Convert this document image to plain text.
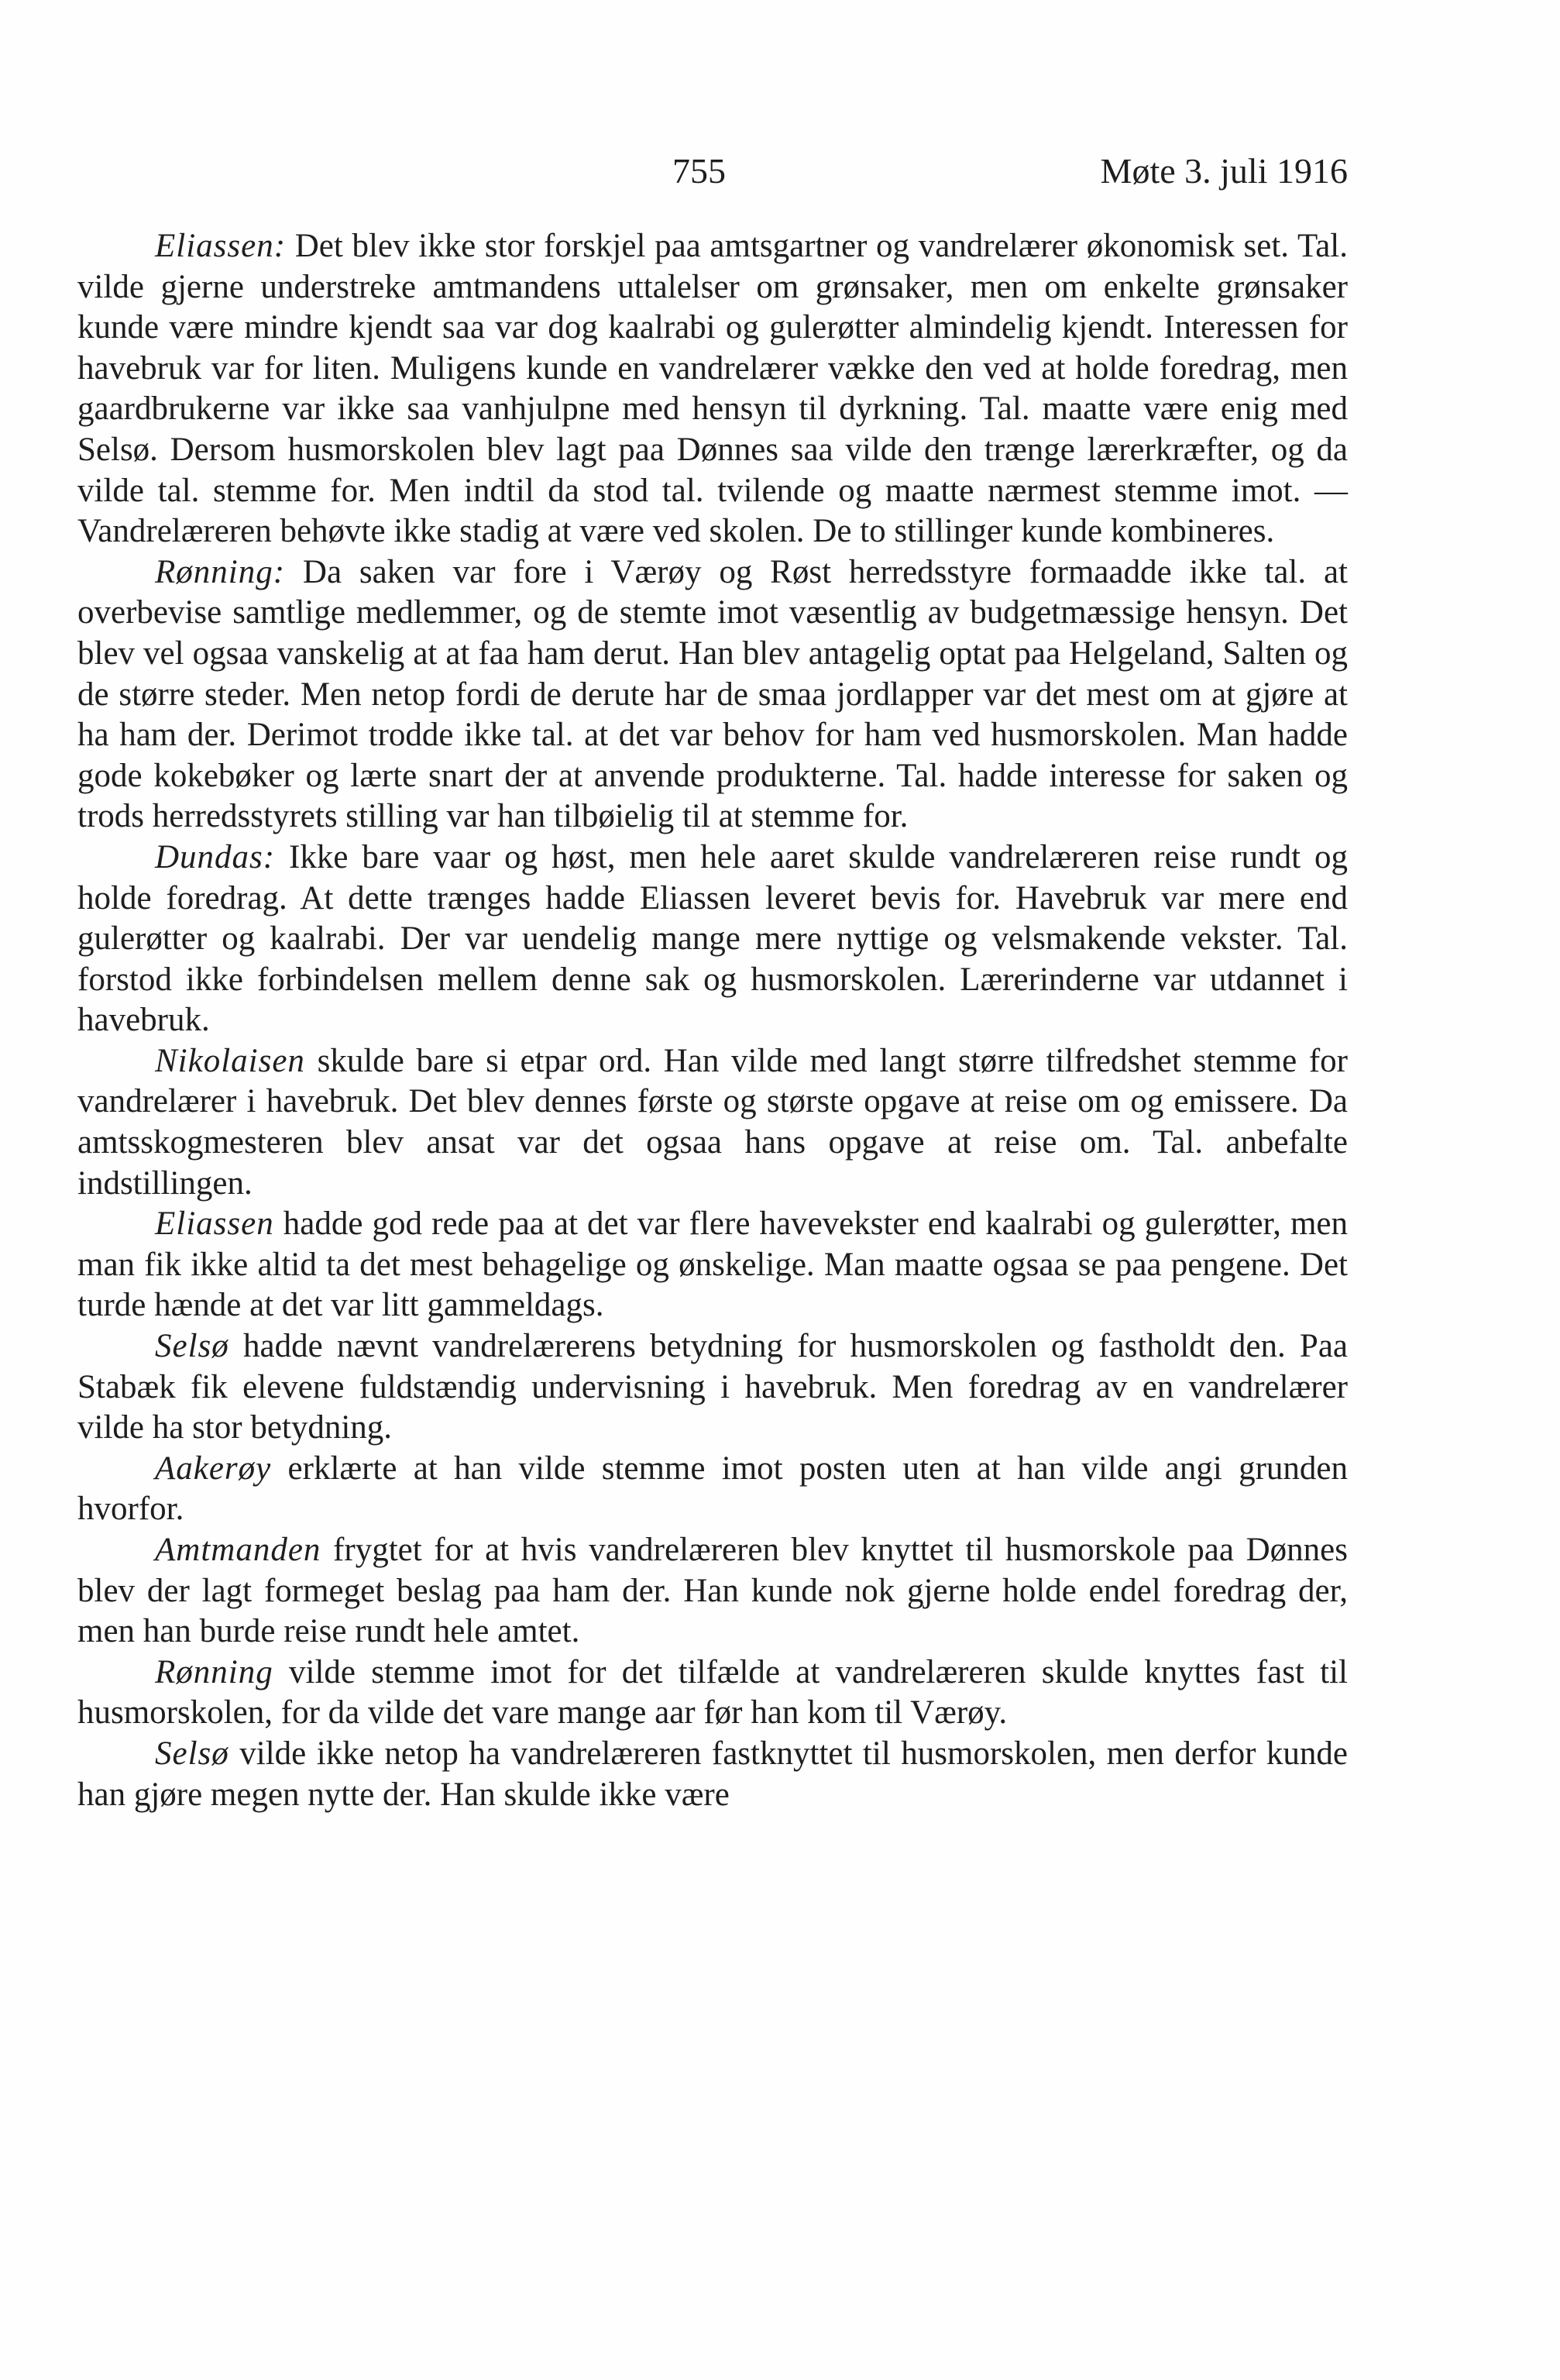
755	Møte 3. juli 1916

Eliassen: Det blev ikke stor forskjel paa amtsgartner og vandrelærer økonomisk set. Tal. vilde gjerne understreke amtmandens uttalelser om grønsaker, men om enkelte grønsaker kunde være mindre kjendt saa var dog kaalrabi og gulerøtter almindelig kjendt. Interessen for havebruk var for liten. Muligens kunde en vandrelærer vække den ved at holde foredrag, men gaardbrukerne var ikke saa vanhjulpne med hensyn til dyrkning. Tal. maatte være enig med Selsø. Dersom husmorskolen blev lagt paa Dønnes saa vilde den trænge lærerkræfter, og da vilde tal. stemme for. Men indtil da stod tal. tvilende og maatte nærmest stemme imot. — Vandrelæreren behøvte ikke stadig at være ved skolen. De to stillinger kunde kombineres.

Rønning: Da saken var fore i Værøy og Røst herredsstyre formaadde ikke tal. at overbevise samtlige medlemmer, og de stemte imot væsentlig av budgetmæssige hensyn. Det blev vel ogsaa vanskelig at at faa ham derut. Han blev antagelig optat paa Helgeland, Salten og de større steder. Men netop fordi de derute har de smaa jordlapper var det mest om at gjøre at ha ham der. Derimot trodde ikke tal. at det var behov for ham ved husmorskolen. Man hadde gode kokebøker og lærte snart der at anvende produkterne. Tal. hadde interesse for saken og trods herredsstyrets stilling var han tilbøielig til at stemme for.

Dundas: Ikke bare vaar og høst, men hele aaret skulde vandrelæreren reise rundt og holde foredrag. At dette trænges hadde Eliassen leveret bevis for. Havebruk var mere end gulerøtter og kaalrabi. Der var uendelig mange mere nyttige og velsmakende vekster. Tal. forstod ikke forbindelsen mellem denne sak og husmorskolen. Lærerinderne var utdannet i havebruk.

Nikolaisen skulde bare si etpar ord. Han vilde med langt større tilfredshet stemme for vandrelærer i havebruk. Det blev dennes første og største opgave at reise om og emissere. Da amtsskogmesteren blev ansat var det ogsaa hans opgave at reise om. Tal. anbefalte indstillingen.

Eliassen hadde god rede paa at det var flere havevekster end kaalrabi og gulerøtter, men man fik ikke altid ta det mest behagelige og ønskelige. Man maatte ogsaa se paa pengene. Det turde hænde at det var litt gammeldags.

Selsø hadde nævnt vandrelærerens betydning for husmorskolen og fastholdt den. Paa Stabæk fik elevene fuldstændig undervisning i havebruk. Men foredrag av en vandrelærer vilde ha stor betydning.

Aakerøy erklærte at han vilde stemme imot posten uten at han vilde angi grunden hvorfor.

Amtmanden frygtet for at hvis vandrelæreren blev knyttet til husmorskole paa Dønnes blev der lagt formeget beslag paa ham der. Han kunde nok gjerne holde endel foredrag der, men han burde reise rundt hele amtet.

Rønning vilde stemme imot for det tilfælde at vandrelæreren skulde knyttes fast til husmorskolen, for da vilde det vare mange aar før han kom til Værøy.

Selsø vilde ikke netop ha vandrelæreren fastknyttet til husmorskolen, men derfor kunde han gjøre megen nytte der. Han skulde ikke være
